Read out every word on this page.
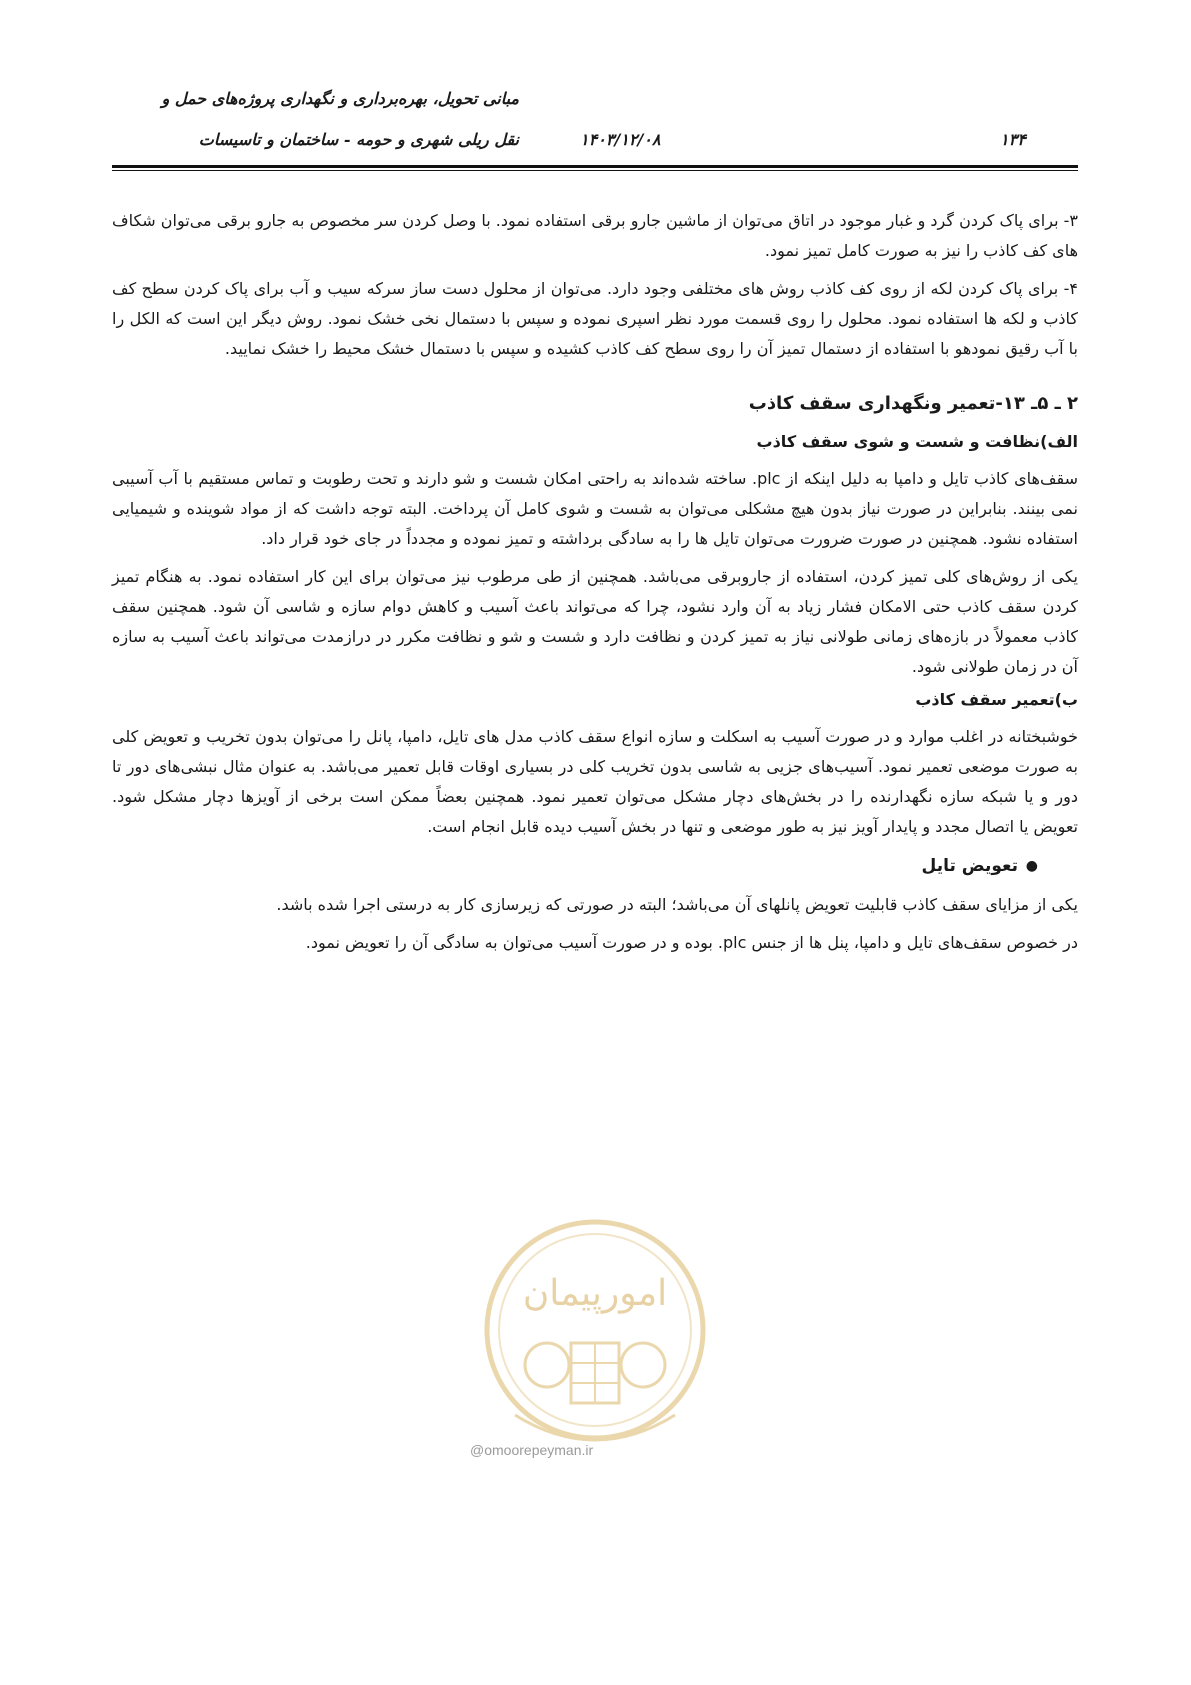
مبانی تحویل، بهره‌برداری و نگهداری پروژه‌های حمل و
نقل ریلی شهری و حومه - ساختمان و تاسیسات	۱۴۰۳/۱۲/۰۸	۱۳۴

۳- برای پاک کردن گرد و غبار موجود در اتاق می‌توان از ماشین جارو برقی استفاده نمود. با وصل کردن سر مخصوص به جارو برقی می‌توان شکاف های کف کاذب را نیز به صورت کامل تمیز نمود.

۴- برای پاک کردن لکه از روی کف کاذب روش های مختلفی وجود دارد. می‌توان از محلول دست ساز سرکه سیب و آب برای پاک کردن سطح کف کاذب و لکه ها استفاده نمود. محلول را روی قسمت مورد نظر اسپری نموده و سپس با دستمال نخی خشک نمود. روش دیگر این است که الکل را با آب رقیق نمودهو با استفاده از دستمال تمیز آن را روی سطح کف کاذب کشیده و سپس با دستمال خشک محیط را خشک نمایید.

۲ ـ ۵ـ ۱۳-تعمیر ونگهداری سقف کاذب
الف)نظافت و شست و شوی سقف کاذب

سقف‌های کاذب تایل و دامپا به دلیل اینکه از plc. ساخته شده‌اند به راحتی امکان شست و شو دارند و تحت رطوبت و تماس مستقیم با آب آسیبی نمی بینند. بنابراین در صورت نیاز بدون هیچ مشکلی می‌توان به شست و شوی کامل آن پرداخت. البته توجه داشت که از مواد شوینده و شیمیایی استفاده نشود. همچنین در صورت ضرورت می‌توان تایل ها را به سادگی برداشته و تمیز نموده و مجدداً در جای خود قرار داد.

یکی از روش‌های کلی تمیز کردن، استفاده از جاروبرقی می‌باشد. همچنین از طی مرطوب نیز می‌توان برای این کار استفاده نمود. به هنگام تمیز کردن سقف کاذب حتی الامکان فشار زیاد به آن وارد نشود، چرا که می‌تواند باعث آسیب و کاهش دوام سازه و شاسی آن شود. همچنین سقف کاذب معمولاً در بازه‌های زمانی طولانی نیاز به تمیز کردن و نظافت دارد و شست و شو و نظافت مکرر در درازمدت می‌تواند باعث آسیب به سازه آن در زمان طولانی شود.

ب)تعمیر سقف کاذب

خوشبختانه در اغلب موارد و در صورت آسیب به اسکلت و سازه انواع سقف کاذب مدل های تایل، دامپا، پانل را می‌توان بدون تخریب و تعویض کلی به صورت موضعی تعمیر نمود. آسیب‌های جزیی به شاسی بدون تخریب کلی در بسیاری اوقات قابل تعمیر می‌باشد. به عنوان مثال نبشی‌های دور تا دور و یا شبکه سازه نگهدارنده را در بخش‌های دچار مشکل می‌توان تعمیر نمود. همچنین بعضاً ممکن است برخی از آویزها دچار مشکل شود. تعویض یا اتصال مجدد و پایدار آویز نیز به طور موضعی و تنها در بخش آسیب دیده قابل انجام است.

●
تعویض تایل

یکی از مزایای سقف کاذب قابلیت تعویض پانلهای آن می‌باشد؛ البته در صورتی که زیرسازی کار به درستی اجرا شده باشد.

در خصوص سقف‌های تایل و دامپا، پنل ها از جنس plc. بوده و در صورت آسیب می‌توان به سادگی آن را تعویض نمود.

امورپیمان
@omoorepeyman.ir
